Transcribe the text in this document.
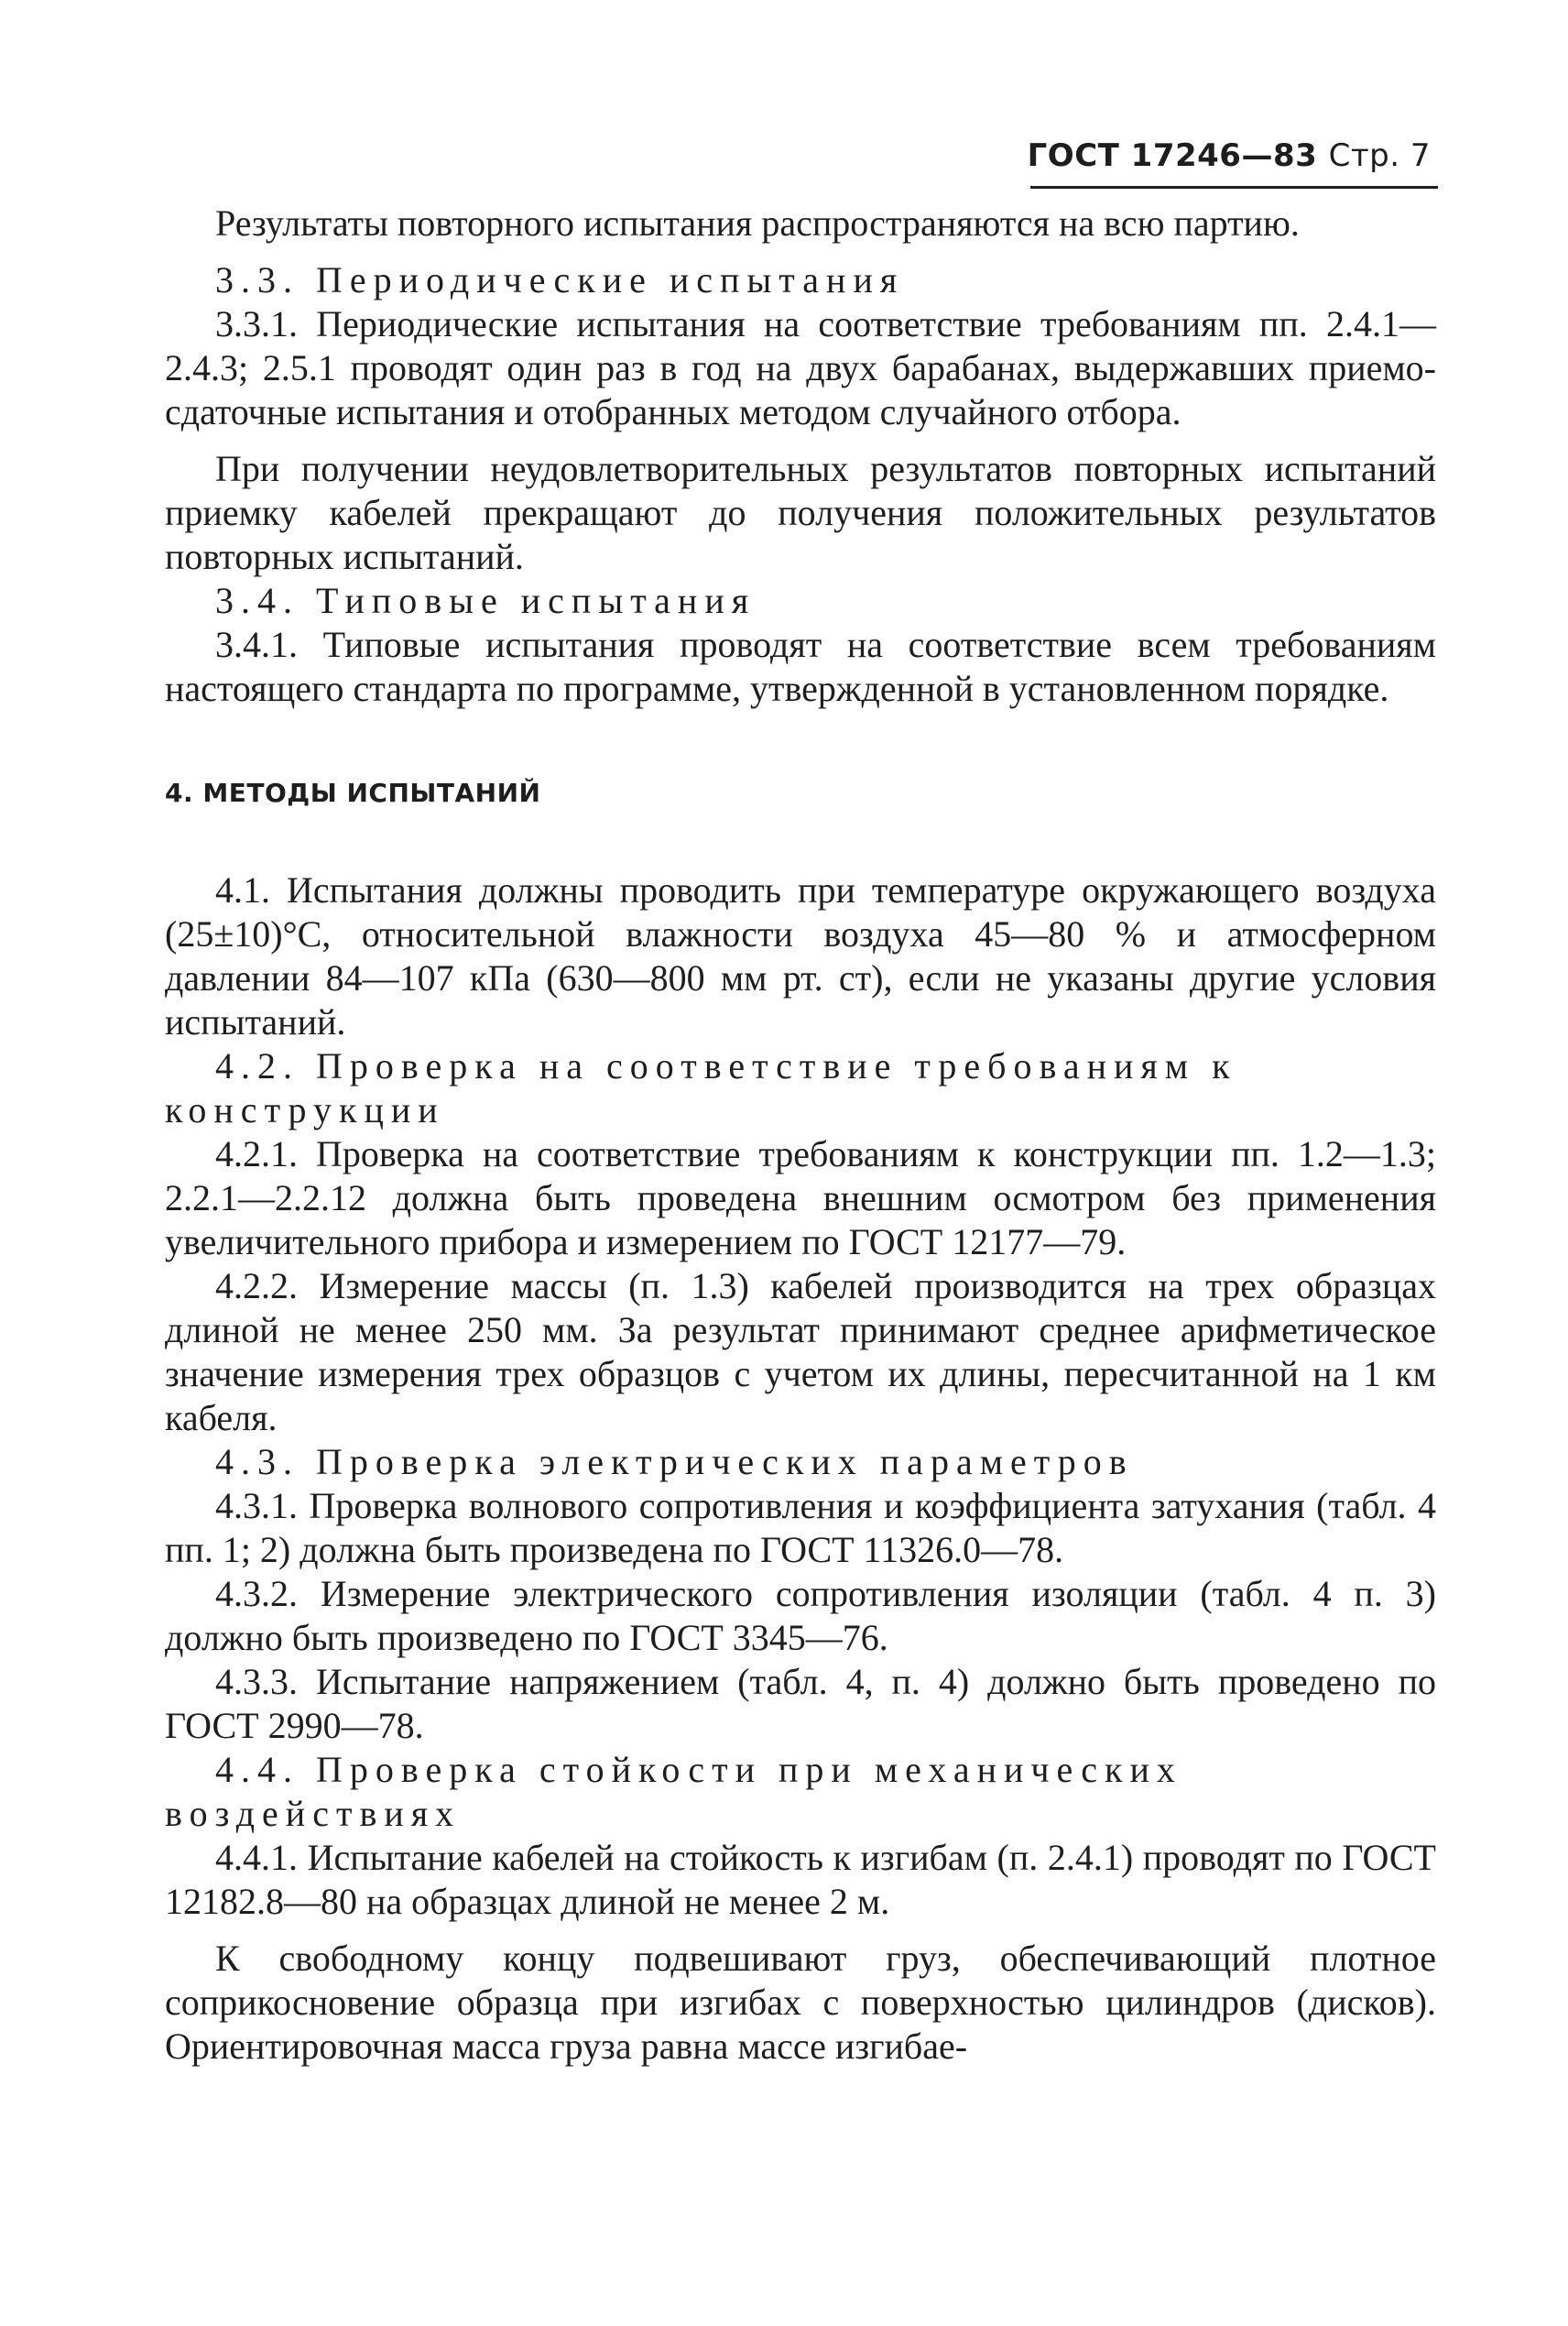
ГОСТ 17246—83 Стр. 7

Результаты повторного испытания распространяются на всю партию.

3.3. Периодические испытания

3.3.1. Периодические испытания на соответствие требованиям пп. 2.4.1—2.4.3; 2.5.1 проводят один раз в год на двух барабанах, выдержавших приемо-сдаточные испытания и отобранных методом случайного отбора.

При получении неудовлетворительных результатов повторных испытаний приемку кабелей прекращают до получения положительных результатов повторных испытаний.

3.4. Типовые испытания

3.4.1. Типовые испытания проводят на соответствие всем требованиям настоящего стандарта по программе, утвержденной в установленном порядке.

4. МЕТОДЫ ИСПЫТАНИЙ

4.1. Испытания должны проводить при температуре окружающего воздуха (25±10)°С, относительной влажности воздуха 45—80 % и атмосферном давлении 84—107 кПа (630—800 мм рт. ст), если не указаны другие условия испытаний.

4.2. Проверка на соответствие требованиям к конструкции

4.2.1. Проверка на соответствие требованиям к конструкции пп. 1.2—1.3; 2.2.1—2.2.12 должна быть проведена внешним осмотром без применения увеличительного прибора и измерением по ГОСТ 12177—79.

4.2.2. Измерение массы (п. 1.3) кабелей производится на трех образцах длиной не менее 250 мм. За результат принимают среднее арифметическое значение измерения трех образцов с учетом их длины, пересчитанной на 1 км кабеля.

4.3. Проверка электрических параметров

4.3.1. Проверка волнового сопротивления и коэффициента затухания (табл. 4 пп. 1; 2) должна быть произведена по ГОСТ 11326.0—78.

4.3.2. Измерение электрического сопротивления изоляции (табл. 4 п. 3) должно быть произведено по ГОСТ 3345—76.

4.3.3. Испытание напряжением (табл. 4, п. 4) должно быть проведено по ГОСТ 2990—78.

4.4. Проверка стойкости при механических воздействиях

4.4.1. Испытание кабелей на стойкость к изгибам (п. 2.4.1) проводят по ГОСТ 12182.8—80 на образцах длиной не менее 2 м.

К свободному концу подвешивают груз, обеспечивающий плотное соприкосновение образца при изгибах с поверхностью цилиндров (дисков). Ориентировочная масса груза равна массе изгибае-
